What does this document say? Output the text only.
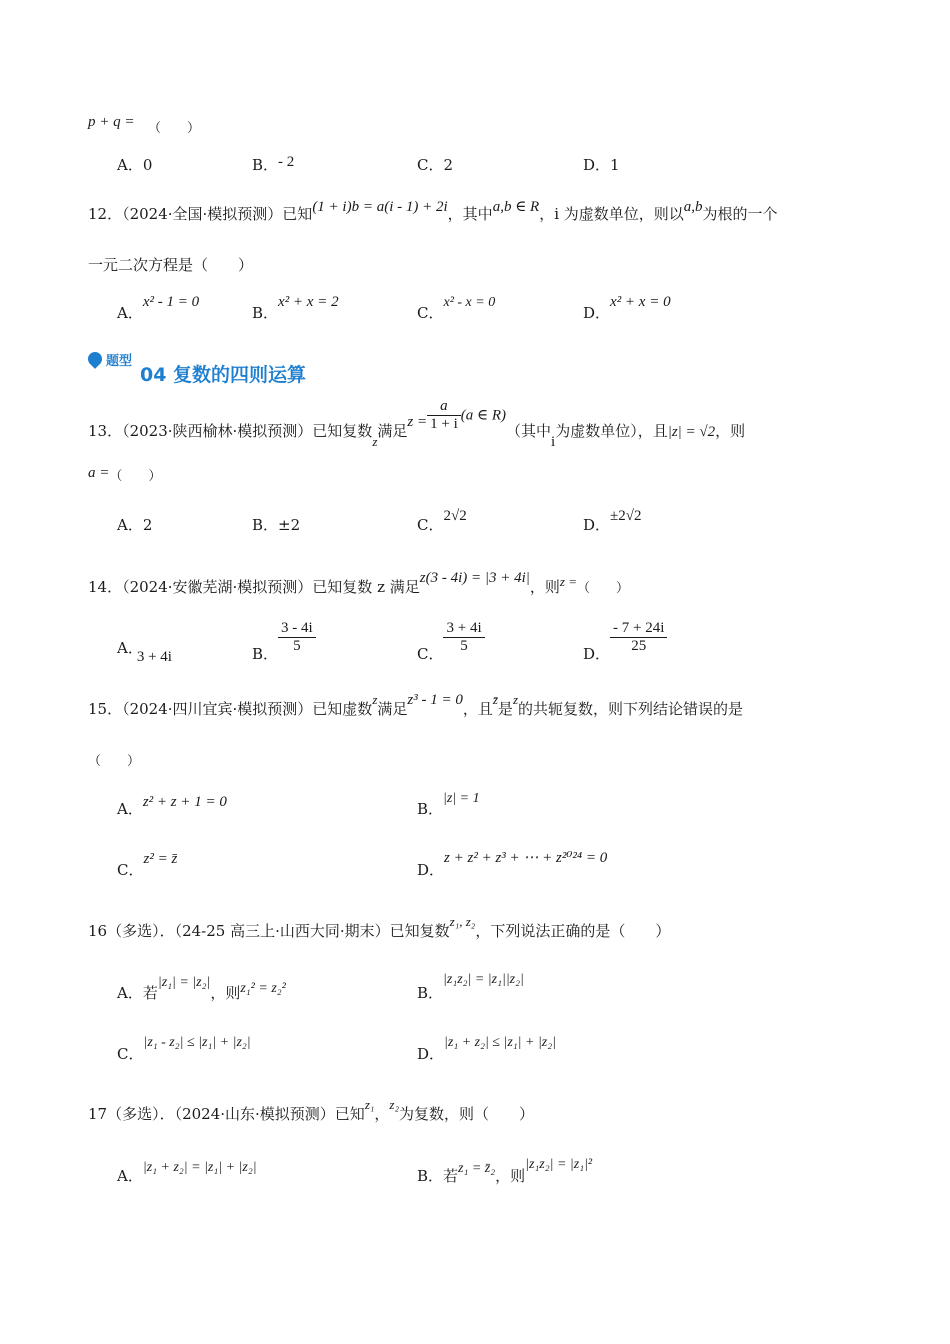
p + q = （　　）
A．0	B．- 2	C．2	D．1
12．（2024·全国·模拟预测）已知(1 + i)b = a(i - 1) + 2i，其中a,b ∈ R，i 为虚数单位，则以a,b为根的一个
一元二次方程是（　　）
A．x² - 1 = 0
B．x² + x = 2
C．x² - x = 0
D．x² + x = 0
题型
04 复数的四则运算
13．（2023·陕西榆林·模拟预测）已知复数z满足$z = \frac{a}{1 + i} (a$ ∈ R)（其中i为虚数单位），且|z| = √2，则
a =（　　）
A．2	B．±2	C．2√2	D．±2√2
14．（2024·安徽芜湖·模拟预测）已知复数 z 满足z(3 - 4i) = |3 + 4i|，则z =（　　）
A．3 + 4i	B． $\frac{3 - 4i}{5}$	C． $\frac{3 + 4i}{5}$	D． $\frac{- 7 + 24i}{25}$
15．（2024·四川宜宾·模拟预测）已知虚数z满足z³ - 1 = 0，且z̄是z的共轭复数，则下列结论错误的是
（　　）
A．z² + z + 1 = 0	B．|z| = 1
C．z² = z̄
D．z + z² + z³ + ⋯ + z²⁰²⁴ = 0
16（多选）．（24-25 高三上·山西大同·期末）已知复数z₁, z₂，下列说法正确的是（　　）
A．若|z₁| = |z₂|，则z₁² = z₂²	B．|z₁z₂| = |z₁||z₂|
C．|z₁ - z₂| ≤ |z₁| + |z₂|
D．|z₁ + z₂| ≤ |z₁| + |z₂|
17（多选）．（2024·山东·模拟预测）已知z₁，z₂为复数，则（　　）
A．|z₁ + z₂| = |z₁| + |z₂|	B．若z₁ = z̄₂，则|z₁z₂| = |z₁|²
